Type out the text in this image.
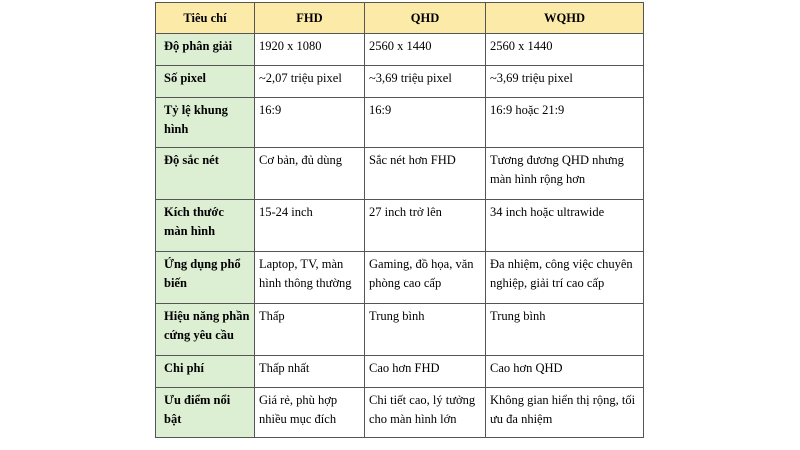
Tiêu chí	FHD	QHD	WQHD

Độ phân giải	1920 x 1080	2560 x 1440	2560 x 1440

Số pixel	~2,07 triệu pixel	~3,69 triệu pixel	~3,69 triệu pixel

Tỷ lệ khung hình	16:9	16:9	16:9 hoặc 21:9

Độ sắc nét	Cơ bản, đủ dùng	Sắc nét hơn FHD	Tương đương QHD nhưng màn hình rộng hơn

Kích thước màn hình	15-24 inch	27 inch trở lên	34 inch hoặc ultrawide

Ứng dụng phổ biến	Laptop, TV, màn hình thông thường	Gaming, đồ họa, văn phòng cao cấp	Đa nhiệm, công việc chuyên nghiệp, giải trí cao cấp

Hiệu năng phần cứng yêu cầu	Thấp	Trung bình	Trung bình

Chi phí	Thấp nhất	Cao hơn FHD	Cao hơn QHD

Ưu điểm nổi bật	Giá rẻ, phù hợp nhiều mục đích	Chi tiết cao, lý tưởng cho màn hình lớn	Không gian hiển thị rộng, tối ưu đa nhiệm
